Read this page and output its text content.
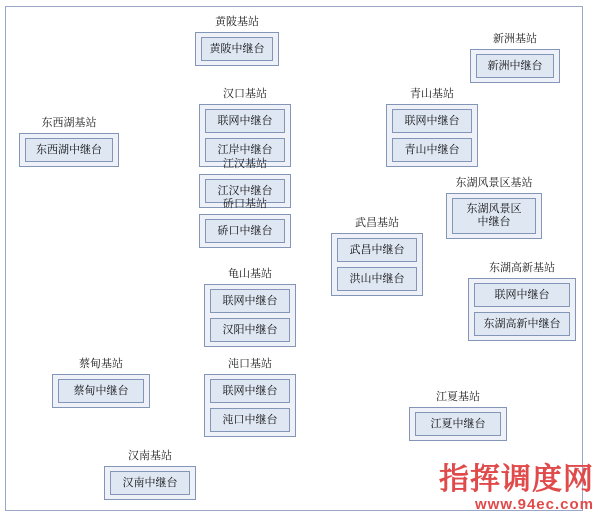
黄陂基站
黄陂中继台
新洲基站
新洲中继台
汉口基站
联网中继台
江岸中继台
青山基站
联网中继台
青山中继台
东西湖基站
东西湖中继台
江汉基站
江汉中继台
东湖风景区基站
东湖风景区
中继台
硚口基站
硚口中继台
武昌基站
武昌中继台
洪山中继台
东湖高新基站
联网中继台
东湖高新中继台
龟山基站
联网中继台
汉阳中继台
蔡甸基站
蔡甸中继台
沌口基站
联网中继台
沌口中继台
江夏基站
江夏中继台
汉南基站
汉南中继台	指挥调度网
www.94ec.com
